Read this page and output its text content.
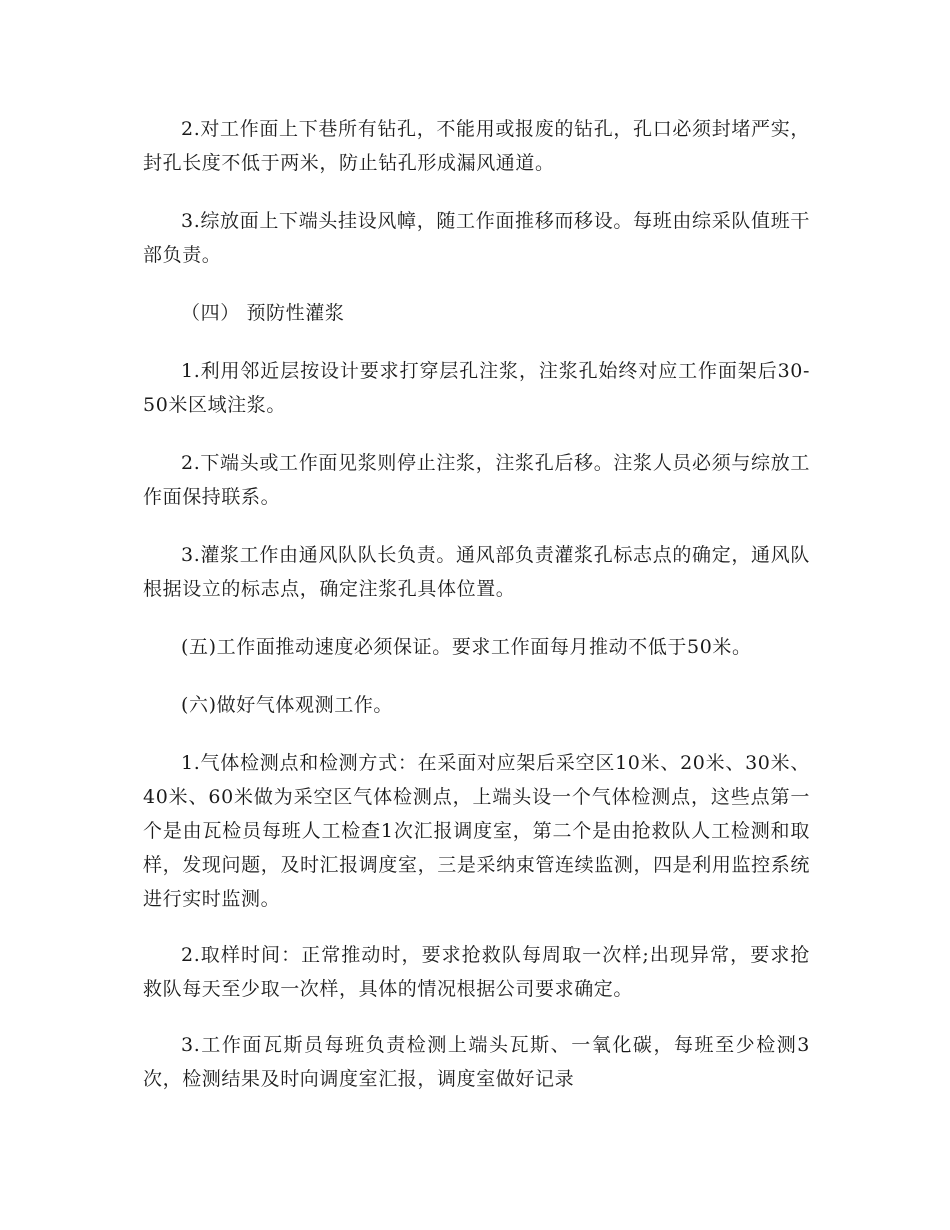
2.对工作面上下巷所有钻孔，不能用或报废的钻孔，孔口必须封堵严实，封孔长度不低于两米，防止钻孔形成漏风通道。

3.综放面上下端头挂设风幛，随工作面推移而移设。每班由综采队值班干部负责。

（四） 预防性灌浆

1.利用邻近层按设计要求打穿层孔注浆，注浆孔始终对应工作面架后30-50米区域注浆。

2.下端头或工作面见浆则停止注浆，注浆孔后移。注浆人员必须与综放工作面保持联系。

3.灌浆工作由通风队队长负责。通风部负责灌浆孔标志点的确定，通风队根据设立的标志点，确定注浆孔具体位置。

(五)工作面推动速度必须保证。要求工作面每月推动不低于50米。

(六)做好气体观测工作。

1.气体检测点和检测方式：在采面对应架后采空区10米、20米、30米、40米、60米做为采空区气体检测点，上端头设一个气体检测点，这些点第一个是由瓦检员每班人工检查1次汇报调度室，第二个是由抢救队人工检测和取样，发现问题，及时汇报调度室，三是采纳束管连续监测，四是利用监控系统进行实时监测。

2.取样时间：正常推动时，要求抢救队每周取一次样;出现异常，要求抢救队每天至少取一次样，具体的情况根据公司要求确定。

3.工作面瓦斯员每班负责检测上端头瓦斯、一氧化碳，每班至少检测3次，检测结果及时向调度室汇报，调度室做好记录
